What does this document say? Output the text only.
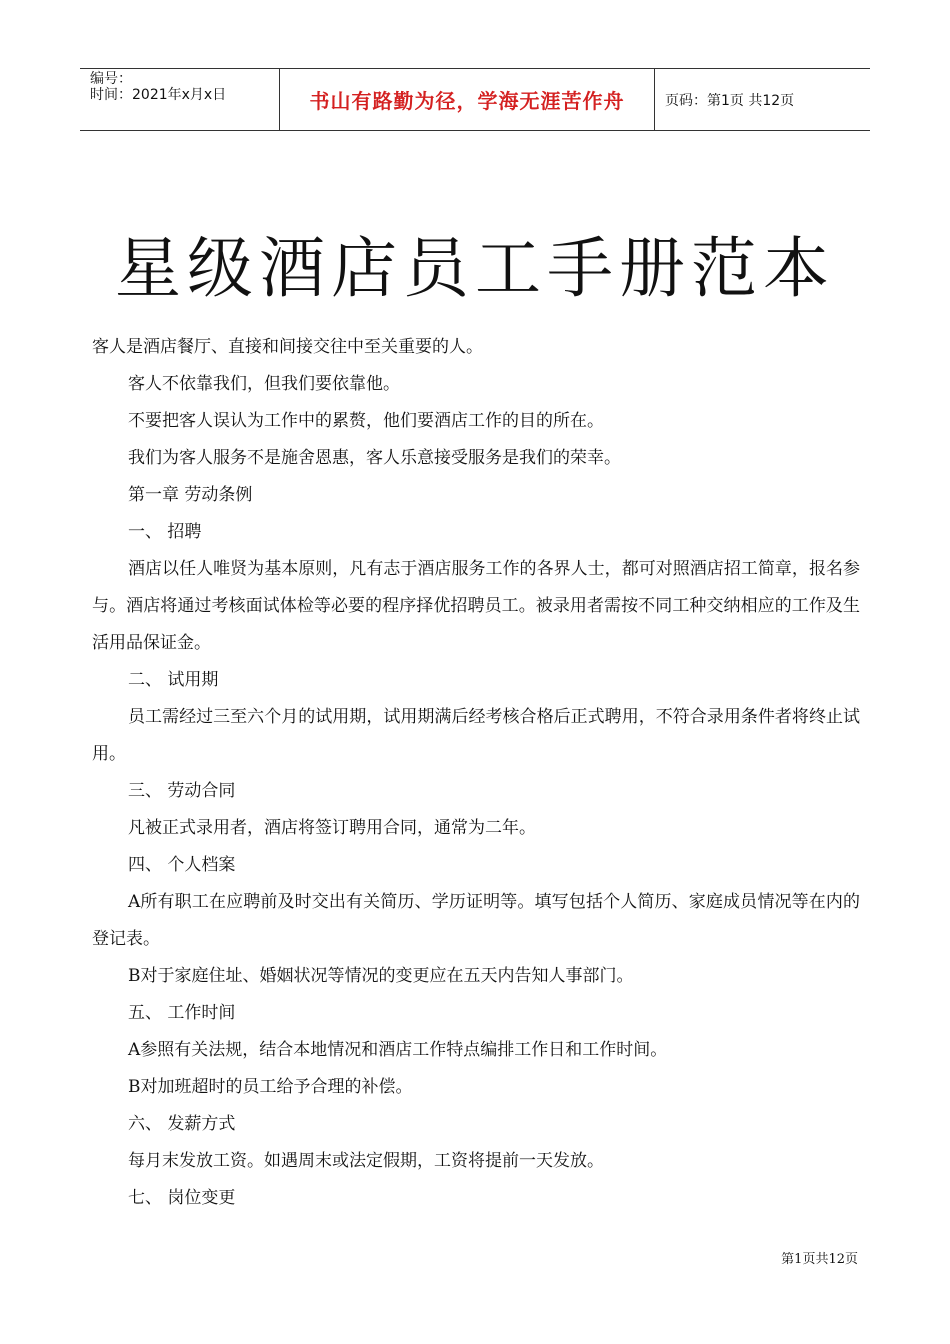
编号：
时间：2021年x月x日	书山有路勤为径，学海无涯苦作舟	页码：第1页 共12页
星级酒店员工手册范本

客人是酒店餐厅、直接和间接交往中至关重要的人。

客人不依靠我们，但我们要依靠他。

不要把客人误认为工作中的累赘，他们要酒店工作的目的所在。

我们为客人服务不是施舍恩惠，客人乐意接受服务是我们的荣幸。

第一章 劳动条例

一、 招聘

酒店以任人唯贤为基本原则，凡有志于酒店服务工作的各界人士，都可对照酒店招工简章，报名参与。酒店将通过考核面试体检等必要的程序择优招聘员工。被录用者需按不同工种交纳相应的工作及生活用品保证金。

二、 试用期

员工需经过三至六个月的试用期，试用期满后经考核合格后正式聘用，不符合录用条件者将终止试用。

三、 劳动合同

凡被正式录用者，酒店将签订聘用合同，通常为二年。

四、 个人档案

A所有职工在应聘前及时交出有关简历、学历证明等。填写包括个人简历、家庭成员情况等在内的登记表。

B对于家庭住址、婚姻状况等情况的变更应在五天内告知人事部门。

五、 工作时间

A参照有关法规，结合本地情况和酒店工作特点编排工作日和工作时间。

B对加班超时的员工给予合理的补偿。

六、 发薪方式

每月末发放工资。如遇周末或法定假期，工资将提前一天发放。

七、 岗位变更

第1页共12页
